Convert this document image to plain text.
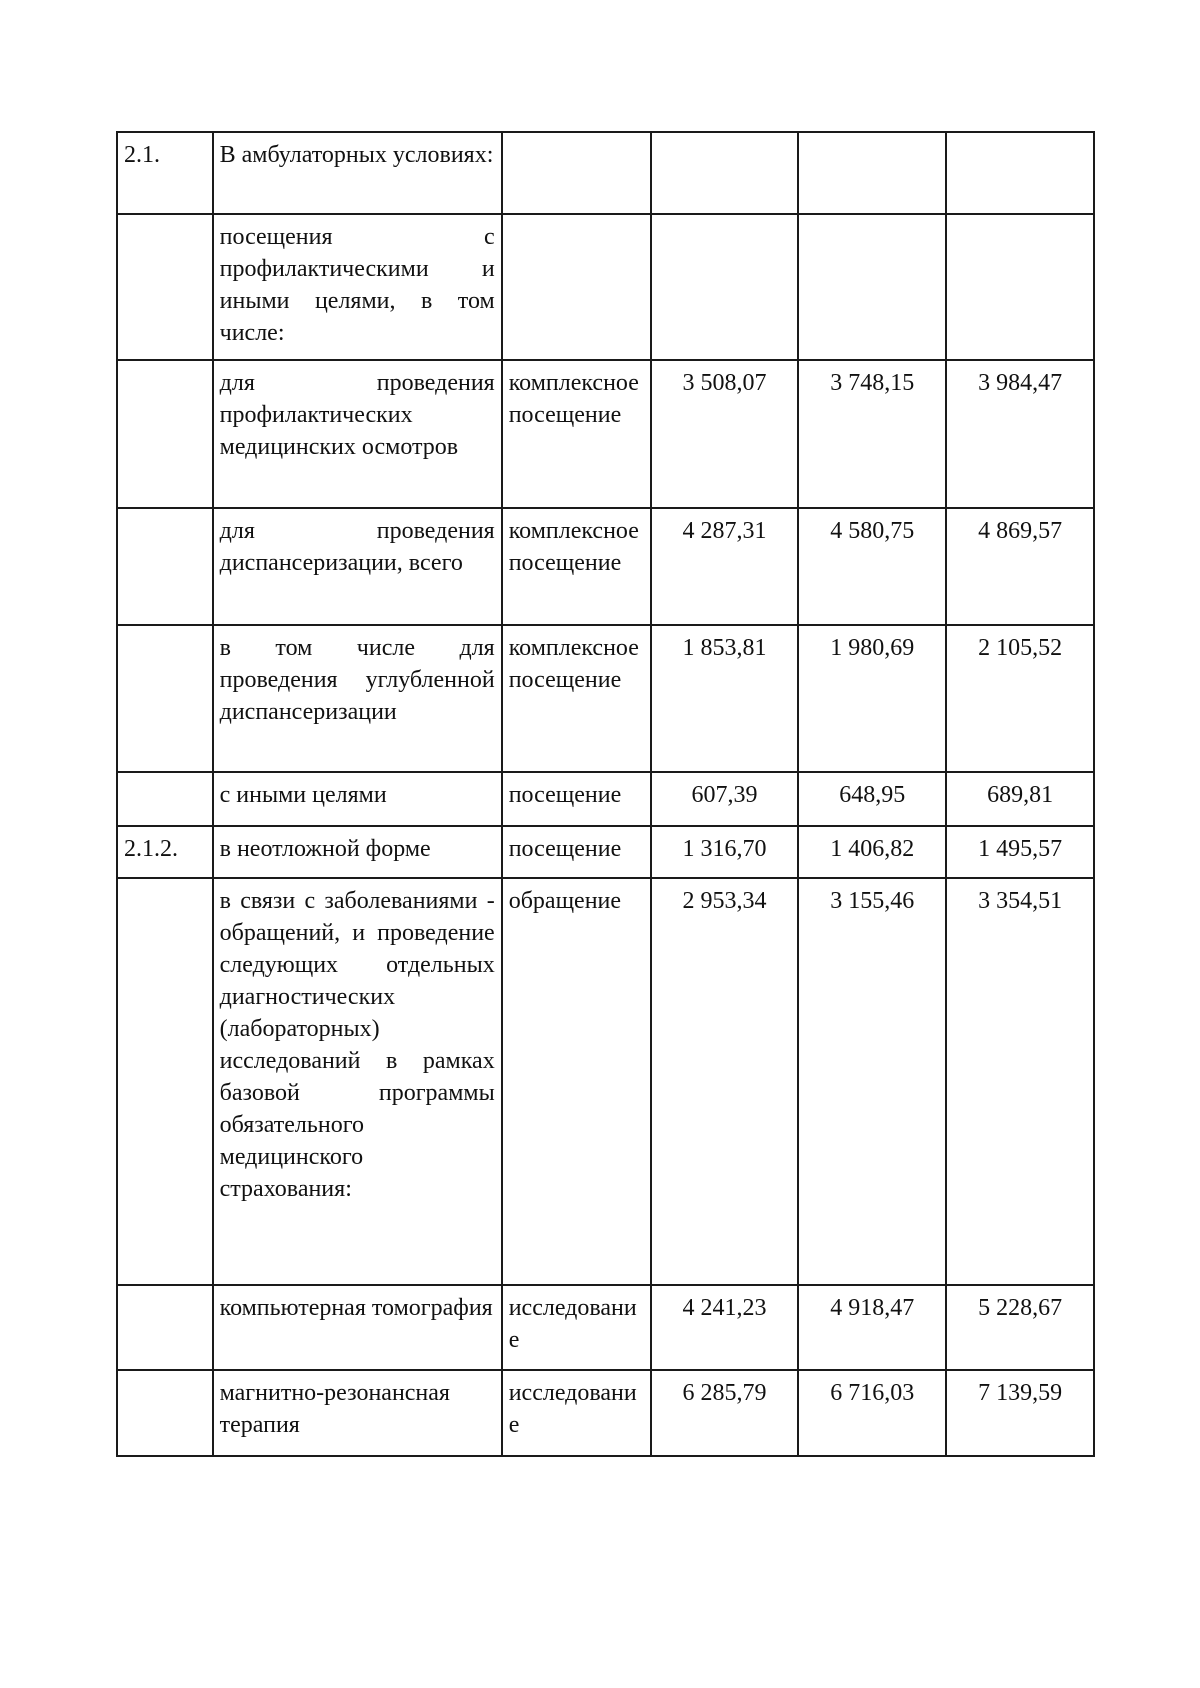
2.1.	В амбулаторных условиях:				
	посещения с профилактическими и иными целями, в том числе:				
	для проведения профилактических медицинских осмотров	комплексное посещение	3 508,07	3 748,15	3 984,47
	для проведения диспансеризации, всего	комплексное посещение	4 287,31	4 580,75	4 869,57
	в том числе для проведения углубленной диспансеризации	комплексное посещение	1 853,81	1 980,69	2 105,52
	с иными целями	посещение	607,39	648,95	689,81
2.1.2.	в неотложной форме	посещение	1 316,70	1 406,82	1 495,57
	в связи с заболеваниями - обращений, и проведение следующих отдельных диагностических (лабораторных) исследований в рамках базовой программы обязательного медицинского страхования:	обращение	2 953,34	3 155,46	3 354,51
	компьютерная томография	исследование	4 241,23	4 918,47	5 228,67
	магнитно-резонансная терапия	исследование	6 285,79	6 716,03	7 139,59
